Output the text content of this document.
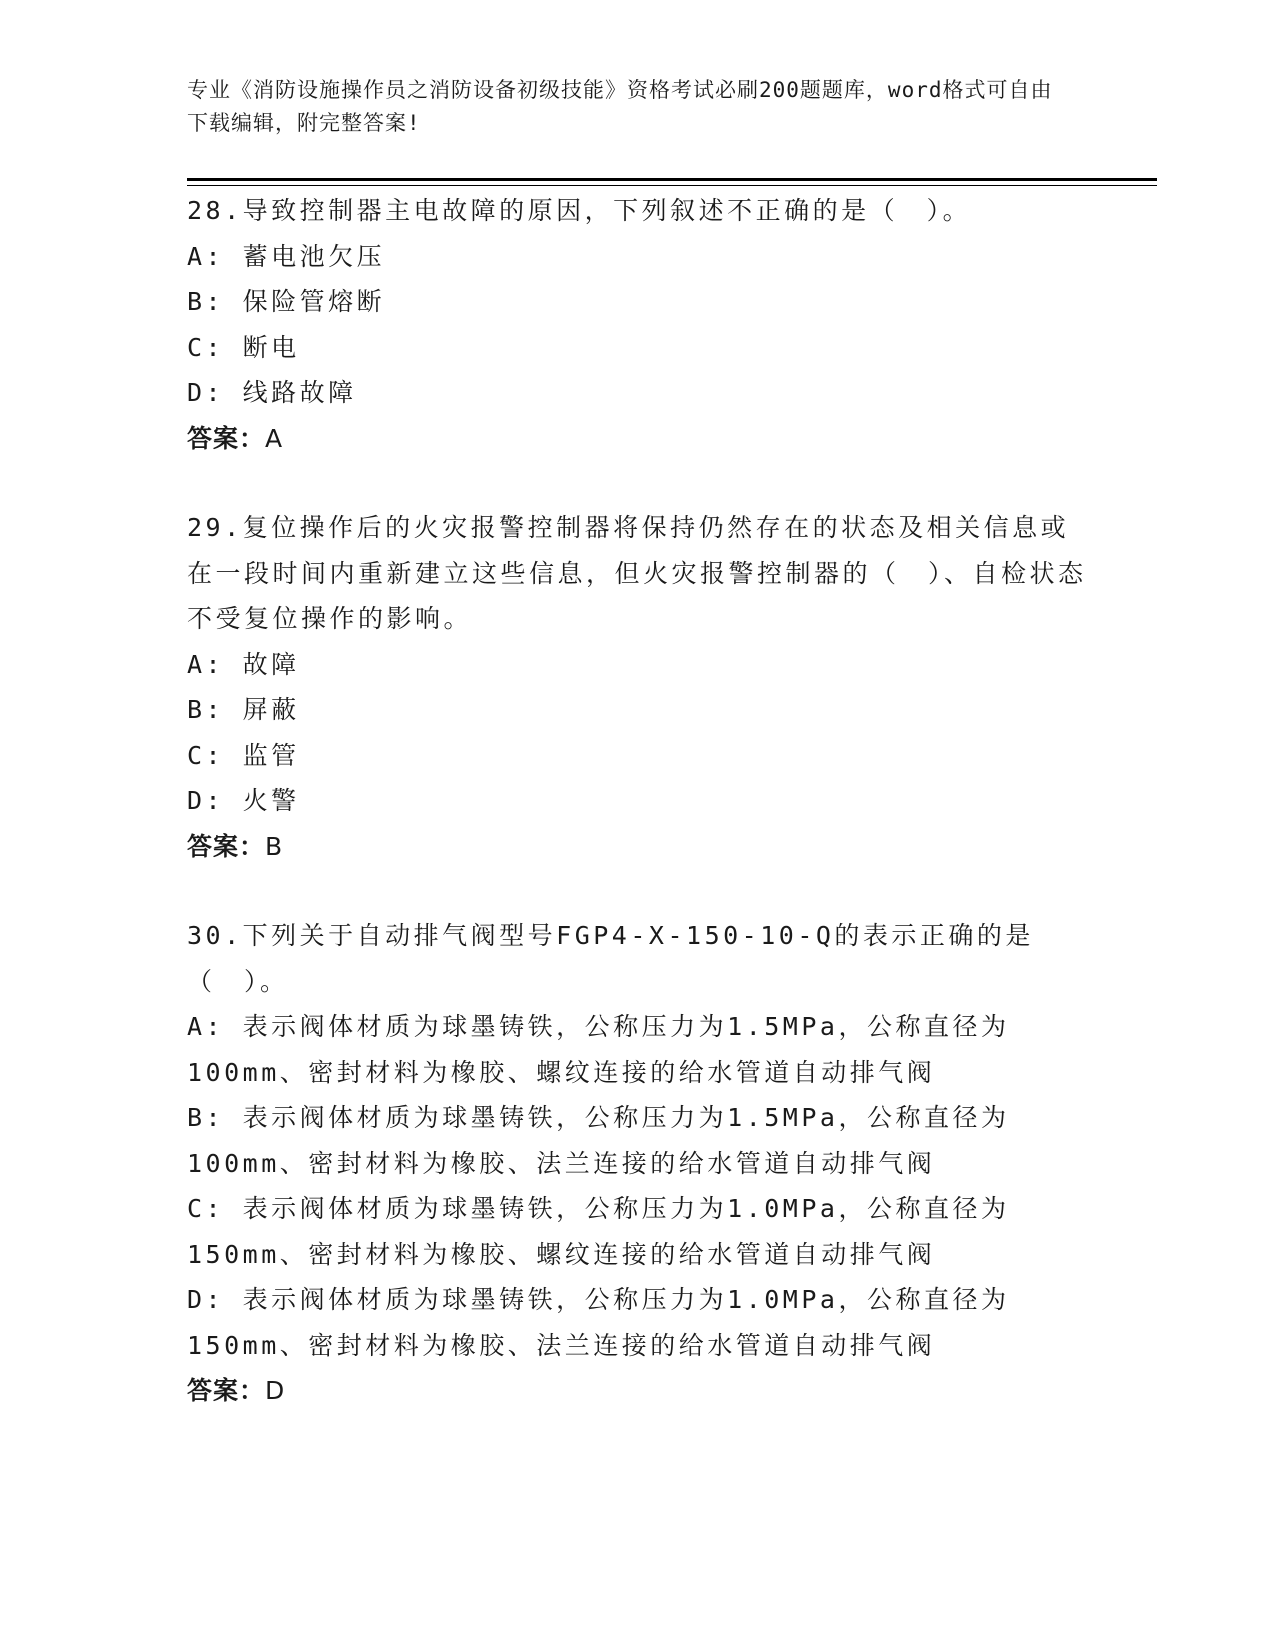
专业《消防设施操作员之消防设备初级技能》资格考试必刷200题题库，word格式可自由下载编辑，附完整答案!
28.导致控制器主电故障的原因，下列叙述不正确的是（　）。
A: 蓄电池欠压
B: 保险管熔断
C: 断电
D: 线路故障
答案：A
29.复位操作后的火灾报警控制器将保持仍然存在的状态及相关信息或在一段时间内重新建立这些信息，但火灾报警控制器的（　）、自检状态不受复位操作的影响。
A: 故障
B: 屏蔽
C: 监管
D: 火警
答案：B
30.下列关于自动排气阀型号FGP4-X-150-10-Q的表示正确的是（　）。
A: 表示阀体材质为球墨铸铁，公称压力为1.5MPa，公称直径为100mm、密封材料为橡胶、螺纹连接的给水管道自动排气阀
B: 表示阀体材质为球墨铸铁，公称压力为1.5MPa，公称直径为100mm、密封材料为橡胶、法兰连接的给水管道自动排气阀
C: 表示阀体材质为球墨铸铁，公称压力为1.0MPa，公称直径为150mm、密封材料为橡胶、螺纹连接的给水管道自动排气阀
D: 表示阀体材质为球墨铸铁，公称压力为1.0MPa，公称直径为150mm、密封材料为橡胶、法兰连接的给水管道自动排气阀
答案：D
